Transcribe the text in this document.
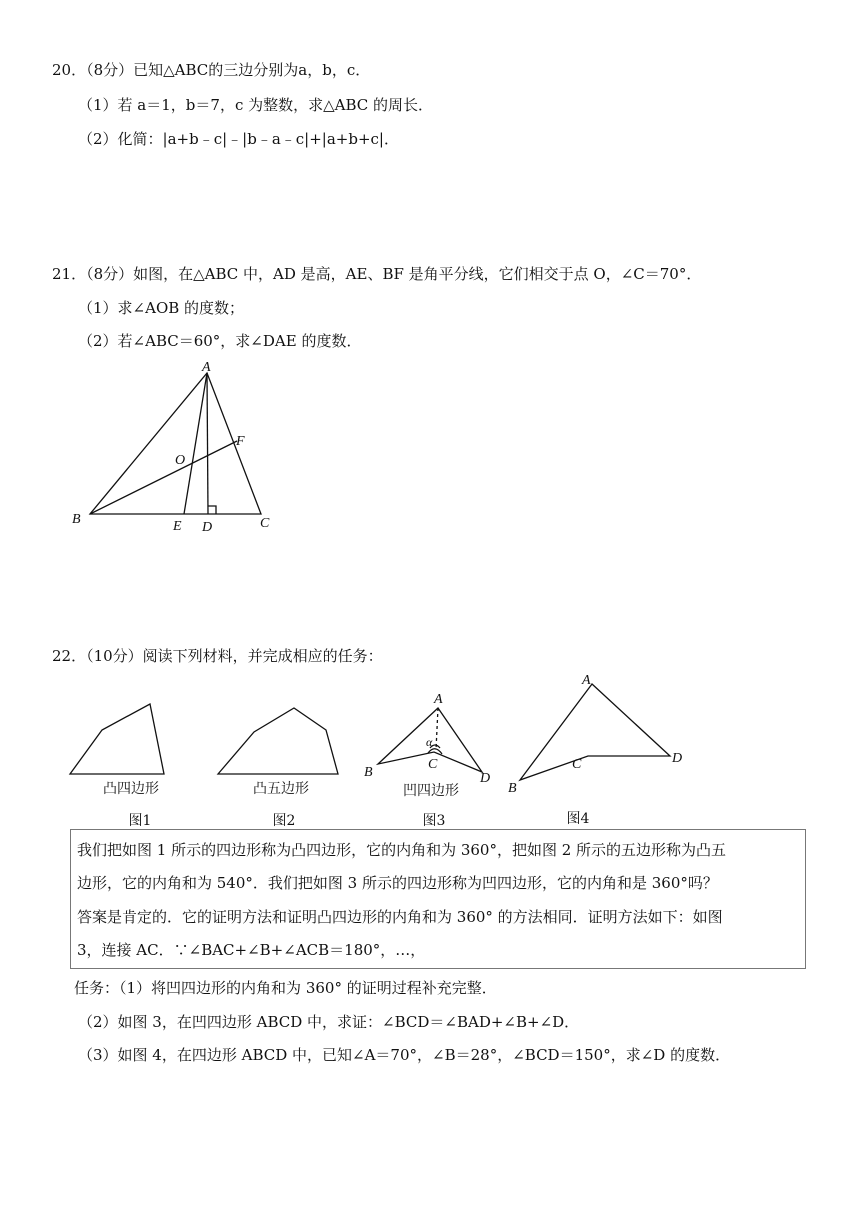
20．（8分）已知△ABC的三边分别为a，b，c．
（1）若 a＝1，b＝7，c 为整数，求△ABC 的周长．
（2）化简：|a+b﹣c|﹣|b﹣a﹣c|+|a+b+c|．
21．（8分）如图，在△ABC 中，AD 是高，AE、BF 是角平分线，它们相交于点 O，∠C＝70°．
（1）求∠AOB 的度数；
（2）若∠ABC＝60°，求∠DAE 的度数．
A
B	C
D
E
F
O
22．（10分）阅读下列材料，并完成相应的任务：
凸四边形
图1
凸五边形
图2
A
B
C
D
α
凹四边形
图3
A
B
C	D
图4
我们把如图 1 所示的四边形称为凸四边形，它的内角和为 360°，把如图 2 所示的五边形称为凸五
边形，它的内角和为 540°．我们把如图 3 所示的四边形称为凹四边形，它的内角和是 360°吗？
答案是肯定的．它的证明方法和证明凸四边形的内角和为 360° 的方法相同．证明方法如下：如图
3，连接 AC．∵∠BAC+∠B+∠ACB＝180°，…，
任务：（1）将凹四边形的内角和为 360° 的证明过程补充完整．
（2）如图 3，在凹四边形 ABCD 中，求证：∠BCD＝∠BAD+∠B+∠D．
（3）如图 4，在四边形 ABCD 中，已知∠A＝70°，∠B＝28°，∠BCD＝150°，求∠D 的度数．
